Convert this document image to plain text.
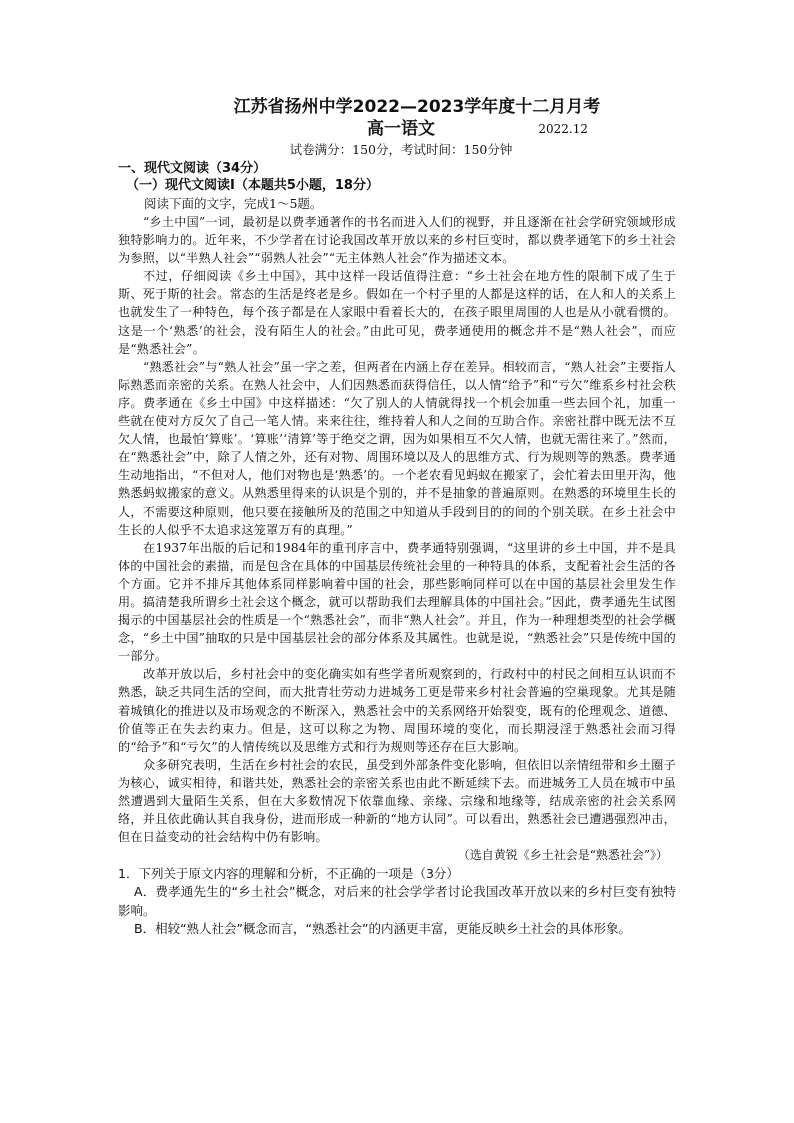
江苏省扬州中学2022—2023学年度十二月月考
高一语文	2022.12
试卷满分：150分，考试时间：150分钟
一、现代文阅读（34分）
（一）现代文阅读I（本题共5小题，18分）

阅读下面的文字，完成1～5题。

“乡土中国”一词，最初是以费孝通著作的书名而进入人们的视野，并且逐渐在社会学研究领域形成独特影响力的。近年来，不少学者在讨论我国改革开放以来的乡村巨变时，都以费孝通笔下的乡土社会为参照，以“半熟人社会”“弱熟人社会”“无主体熟人社会”作为描述文本。

不过，仔细阅读《乡土中国》，其中这样一段话值得注意：“乡土社会在地方性的限制下成了生于斯、死于斯的社会。常态的生活是终老是乡。假如在一个村子里的人都是这样的话，在人和人的关系上也就发生了一种特色，每个孩子都是在人家眼中看着长大的，在孩子眼里周围的人也是从小就看惯的。这是一个‘熟悉’的社会，没有陌生人的社会。”由此可见，费孝通使用的概念并不是“熟人社会”，而应是“熟悉社会”。

“熟悉社会”与“熟人社会”虽一字之差，但两者在内涵上存在差异。相较而言，“熟人社会”主要指人际熟悉而亲密的关系。在熟人社会中，人们因熟悉而获得信任，以人情“给予”和“亏欠”维系乡村社会秩序。费孝通在《乡土中国》中这样描述：“欠了别人的人情就得找一个机会加重一些去回个礼，加重一些就在使对方反欠了自己一笔人情。来来往往，维持着人和人之间的互助合作。亲密社群中既无法不互欠人情，也最怕‘算账’。‘算账’‘清算’等于绝交之谓，因为如果相互不欠人情，也就无需往来了。”然而，在“熟悉社会”中，除了人情之外，还有对物、周围环境以及人的思维方式、行为规则等的熟悉。费孝通生动地指出，“不但对人，他们对物也是‘熟悉’的。一个老农看见蚂蚁在搬家了，会忙着去田里开沟，他熟悉蚂蚁搬家的意义。从熟悉里得来的认识是个别的，并不是抽象的普遍原则。在熟悉的环境里生长的人，不需要这种原则，他只要在接触所及的范围之中知道从手段到目的的间的个别关联。在乡土社会中生长的人似乎不太追求这笼罩万有的真理。”

在1937年出版的后记和1984年的重刊序言中，费孝通特别强调，“这里讲的乡土中国，并不是具体的中国社会的素描，而是包含在具体的中国基层传统社会里的一种特具的体系，支配着社会生活的各个方面。它并不排斥其他体系同样影响着中国的社会，那些影响同样可以在中国的基层社会里发生作用。搞清楚我所谓乡土社会这个概念，就可以帮助我们去理解具体的中国社会。”因此，费孝通先生试图揭示的中国基层社会的性质是一个“熟悉社会”，而非“熟人社会”。并且，作为一种理想类型的社会学概念，“乡土中国”抽取的只是中国基层社会的部分体系及其属性。也就是说，“熟悉社会”只是传统中国的一部分。

改革开放以后，乡村社会中的变化确实如有些学者所观察到的，行政村中的村民之间相互认识而不熟悉，缺乏共同生活的空间，而大批青壮劳动力进城务工更是带来乡村社会普遍的空巢现象。尤其是随着城镇化的推进以及市场观念的不断深入，熟悉社会中的关系网络开始裂变，既有的伦理观念、道德、价值等正在失去约束力。但是，这可以称之为物、周围环境的变化，而长期浸淫于熟悉社会而习得的“给予”和“亏欠”的人情传统以及思维方式和行为规则等还存在巨大影响。

众多研究表明，生活在乡村社会的农民，虽受到外部条件变化影响，但依旧以亲情纽带和乡土圈子为核心，诚实相待，和谐共处，熟悉社会的亲密关系也由此不断延续下去。而进城务工人员在城市中虽然遭遇到大量陌生关系，但在大多数情况下依靠血缘、亲缘、宗缘和地缘等，结成亲密的社会关系网络，并且依此确认其自我身份，进而形成一种新的“地方认同”。可以看出，熟悉社会已遭遇强烈冲击，但在日益变动的社会结构中仍有影响。

（选自黄锐《乡土社会是“熟悉社会”》）

1．下列关于原文内容的理解和分析，不正确的一项是（3分）

A．费孝通先生的“乡土社会”概念，对后来的社会学学者讨论我国改革开放以来的乡村巨变有独特影响。

B．相较“熟人社会”概念而言，“熟悉社会”的内涵更丰富，更能反映乡土社会的具体形象。
